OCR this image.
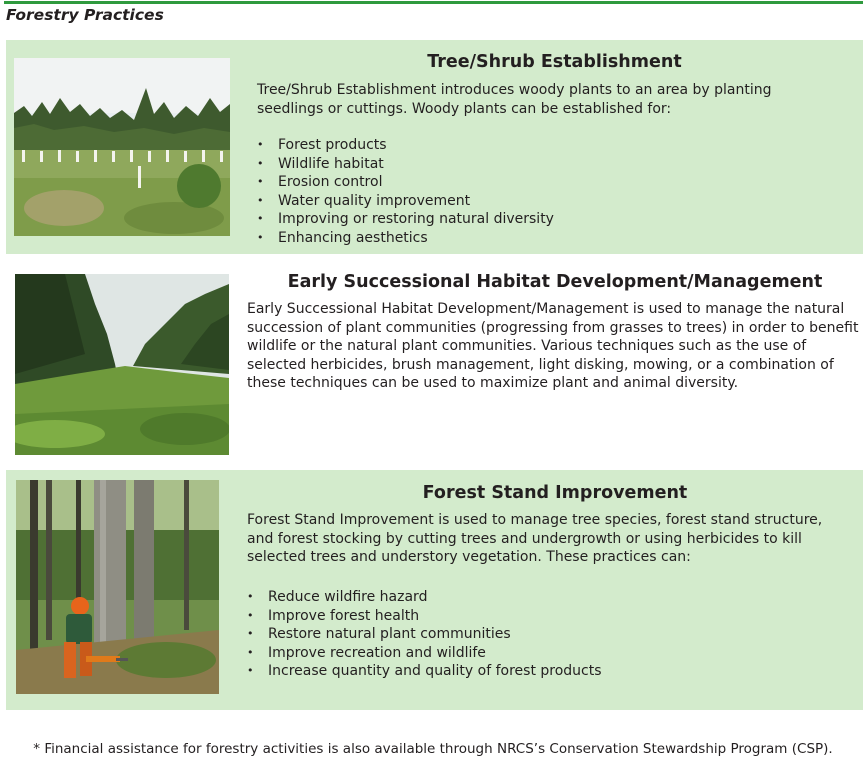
Forestry Practices
Tree/Shrub Establishment
Tree/Shrub Establishment introduces woody plants to an area by planting seedlings or cuttings. Woody plants can be established for:
• Forest products
• Wildlife habitat
• Erosion control
• Water quality improvement
• Improving or restoring natural diversity
• Enhancing aesthetics
Early Successional Habitat Development/Management
Early Successional Habitat Development/Management is used to manage the natural succession of plant communities (progressing from grasses to trees) in order to benefit wildlife or the natural plant communities. Various techniques such as the use of selected herbicides, brush management, light disking, mowing, or a combination of these techniques can be used to maximize plant and animal diversity.
Forest Stand Improvement
Forest Stand Improvement is used to manage tree species, forest stand structure, and forest stocking by cutting trees and undergrowth or using herbicides to kill selected trees and understory vegetation. These practices can:
• Reduce wildfire hazard
• Improve forest health
• Restore natural plant communities
• Improve recreation and wildlife
• Increase quantity and quality of forest products
* Financial assistance for forestry activities is also available through NRCS’s Conservation Stewardship Program (CSP).
